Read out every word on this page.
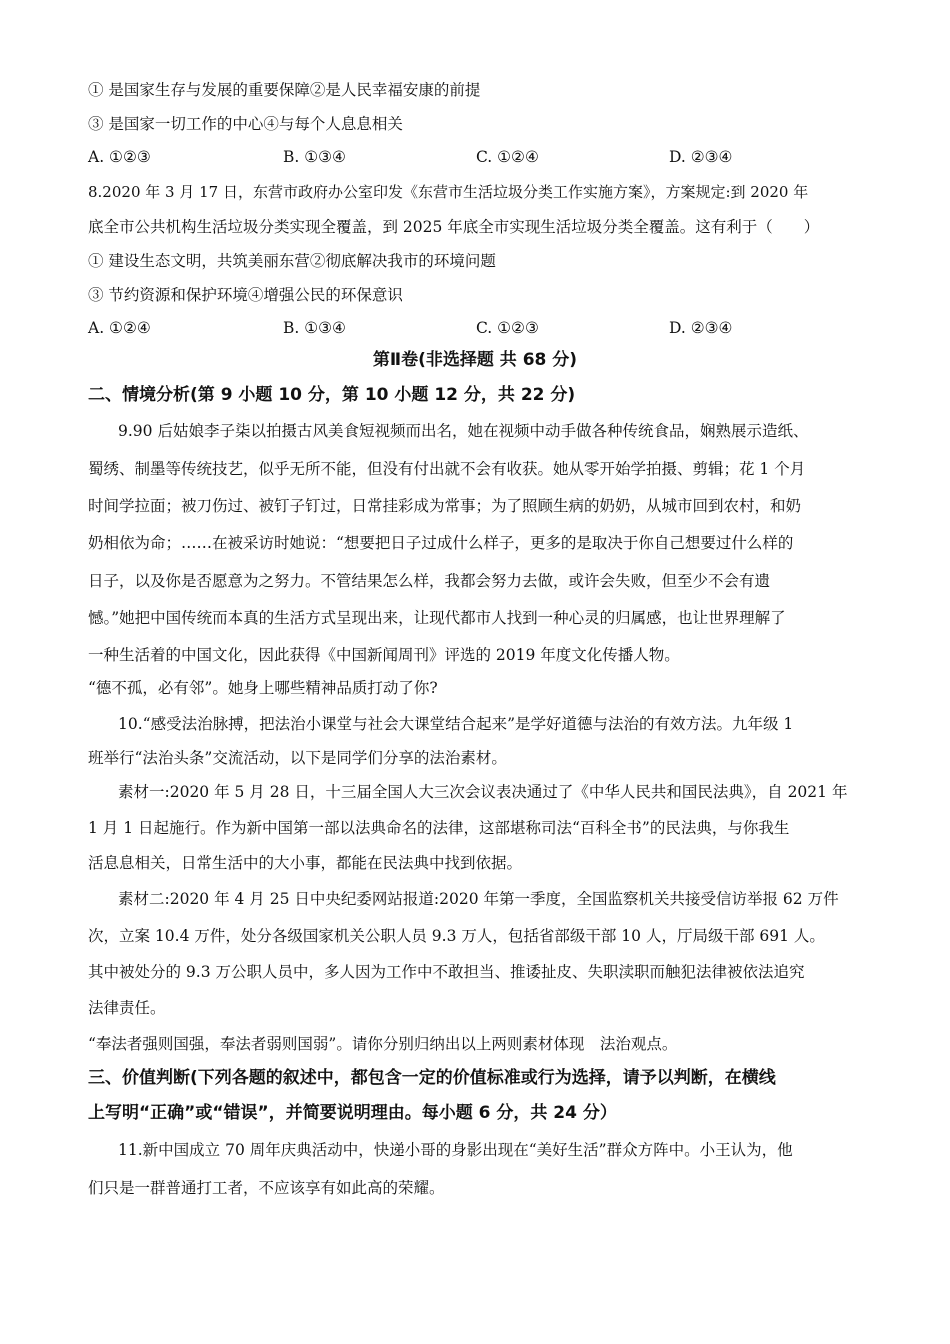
① 是国家生存与发展的重要保障②是人民幸福安康的前提
③ 是国家一切工作的中心④与每个人息息相关
A. ①②③	B. ①③④	C. ①②④	D. ②③④
8.2020 年 3 月 17 日，东营市政府办公室印发《东营市生活垃圾分类工作实施方案》，方案规定:到 2020 年
底全市公共机构生活垃圾分类实现全覆盖，到 2025 年底全市实现生活垃圾分类全覆盖。这有利于（　　）
① 建设生态文明，共筑美丽东营②彻底解决我市的环境问题
③ 节约资源和保护环境④增强公民的环保意识
A. ①②④	B. ①③④	C. ①②③	D. ②③④
第Ⅱ卷(非选择题 共 68 分)
二、情境分析(第 9 小题 10 分，第 10 小题 12 分，共 22 分)
9.90 后姑娘李子柒以拍摄古风美食短视频而出名，她在视频中动手做各种传统食品，娴熟展示造纸、
蜀绣、制墨等传统技艺，似乎无所不能，但没有付出就不会有收获。她从零开始学拍摄、剪辑；花 1 个月
时间学拉面；被刀伤过、被钉子钉过，日常挂彩成为常事；为了照顾生病的奶奶，从城市回到农村，和奶
奶相依为命；……在被采访时她说：“想要把日子过成什么样子，更多的是取决于你自己想要过什么样的
日子，以及你是否愿意为之努力。不管结果怎么样，我都会努力去做，或许会失败，但至少不会有遗
憾。”她把中国传统而本真的生活方式呈现出来，让现代都市人找到一种心灵的归属感，也让世界理解了
一种生活着的中国文化，因此获得《中国新闻周刊》评选的 2019 年度文化传播人物。
“德不孤，必有邻”。她身上哪些精神品质打动了你?
10.“感受法治脉搏，把法治小课堂与社会大课堂结合起来”是学好道德与法治的有效方法。九年级 1
班举行“法治头条”交流活动，以下是同学们分享的法治素材。
素材一:2020 年 5 月 28 日，十三届全国人大三次会议表决通过了《中华人民共和国民法典》，自 2021 年
1 月 1 日起施行。作为新中国第一部以法典命名的法律，这部堪称司法“百科全书”的民法典，与你我生
活息息相关，日常生活中的大小事，都能在民法典中找到依据。
素材二:2020 年 4 月 25 日中央纪委网站报道:2020 年第一季度，全国监察机关共接受信访举报 62 万件
次，立案 10.4 万件，处分各级国家机关公职人员 9.3 万人，包括省部级干部 10 人，厅局级干部 691 人。
其中被处分的 9.3 万公职人员中，多人因为工作中不敢担当、推诿扯皮、失职渎职而触犯法律被依法追究
法律责任。
“奉法者强则国强，奉法者弱则国弱”。请你分别归纳出以上两则素材体现　法治观点。
三、价值判断(下列各题的叙述中，都包含一定的价值标准或行为选择，请予以判断，在横线
上写明“正确”或“错误”，并简要说明理由。每小题 6 分，共 24 分）
11.新中国成立 70 周年庆典活动中，快递小哥的身影出现在“美好生活”群众方阵中。小王认为，他
们只是一群普通打工者，不应该享有如此高的荣耀。
